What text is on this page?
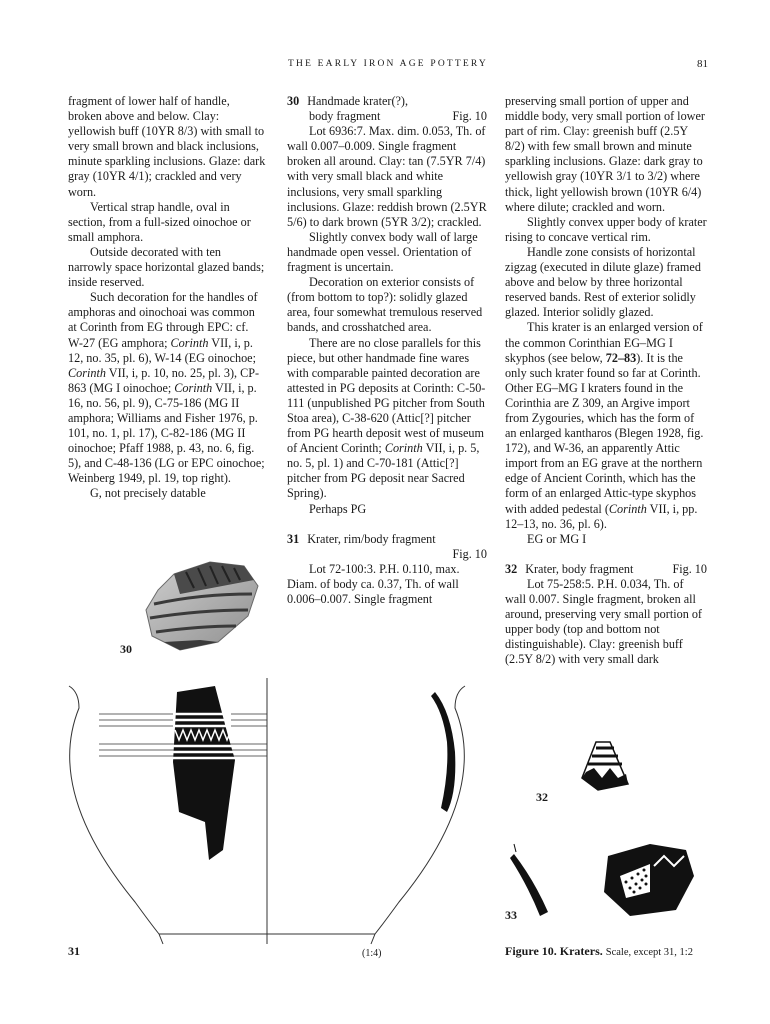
THE EARLY IRON AGE POTTERY	81

fragment of lower half of handle, broken above and below. Clay: yellowish buff (10YR 8/3) with small to very small brown and black inclusions, minute sparkling inclusions. Glaze: dark gray (10YR 4/1); crackled and very worn.

Vertical strap handle, oval in section, from a full-sized oinochoe or small amphora.

Outside decorated with ten narrowly space horizontal glazed bands; inside reserved.

Such decoration for the handles of amphoras and oinochoai was common at Corinth from EG through EPC: cf. W-27 (EG amphora; Corinth VII, i, p. 12, no. 35, pl. 6), W-14 (EG oinochoe; Corinth VII, i, p. 10, no. 25, pl. 3), CP-863 (MG I oinochoe; Corinth VII, i, p. 16, no. 56, pl. 9), C-75-186 (MG II amphora; Williams and Fisher 1976, p. 101, no. 1, pl. 17), C-82-186 (MG II oinochoe; Pfaff 1988, p. 43, no. 6, fig. 5), and C-48-136 (LG or EPC oinochoe; Weinberg 1949, pl. 19, top right).

G, not precisely datable

30 Handmade krater(?),

body fragment	Fig. 10

Lot 6936:7. Max. dim. 0.053, Th. of wall 0.007–0.009. Single fragment broken all around. Clay: tan (7.5YR 7/4) with very small black and white inclusions, very small sparkling inclusions. Glaze: reddish brown (2.5YR 5/6) to dark brown (5YR 3/2); crackled.

Slightly convex body wall of large handmade open vessel. Orientation of fragment is uncertain.

Decoration on exterior consists of (from bottom to top?): solidly glazed area, four somewhat tremulous reserved bands, and crosshatched area.

There are no close parallels for this piece, but other handmade fine wares with comparable painted decoration are attested in PG deposits at Corinth: C-50-111 (unpublished PG pitcher from South Stoa area), C-38-620 (Attic[?] pitcher from PG hearth deposit west of museum of Ancient Corinth; Corinth VII, i, p. 5, no. 5, pl. 1) and C-70-181 (Attic[?] pitcher from PG deposit near Sacred Spring).

Perhaps PG

31 Krater, rim/body fragment

Fig. 10

Lot 72-100:3. P.H. 0.110, max. Diam. of body ca. 0.37, Th. of wall 0.006–0.007. Single fragment

preserving small portion of upper and middle body, very small portion of lower part of rim. Clay: greenish buff (2.5Y 8/2) with few small brown and minute sparkling inclusions. Glaze: dark gray to yellowish gray (10YR 3/1 to 3/2) where thick, light yellowish brown (10YR 6/4) where dilute; crackled and worn.

Slightly convex upper body of krater rising to concave vertical rim.

Handle zone consists of horizontal zigzag (executed in dilute glaze) framed above and below by three horizontal reserved bands. Rest of exterior solidly glazed. Interior solidly glazed.

This krater is an enlarged version of the common Corinthian EG–MG I skyphos (see below, 72–83). It is the only such krater found so far at Corinth. Other EG–MG I kraters found in the Corinthia are Z 309, an Argive import from Zygouries, which has the form of an enlarged kantharos (Blegen 1928, fig. 172), and W-36, an apparently Attic import from an EG grave at the northern edge of Ancient Corinth, which has the form of an enlarged Attic-type skyphos with added pedestal (Corinth VII, i, pp. 12–13, no. 36, pl. 6).

EG or MG I

32 Krater, body fragment	Fig. 10

Lot 75-258:5. P.H. 0.034, Th. of wall 0.007. Single fragment, broken all around, preserving very small portion of upper body (top and bottom not distinguishable). Clay: greenish buff (2.5Y 8/2) with very small dark

30
31	(1:4)
32
33
Figure 10. Kraters. Scale, except 31, 1:2
